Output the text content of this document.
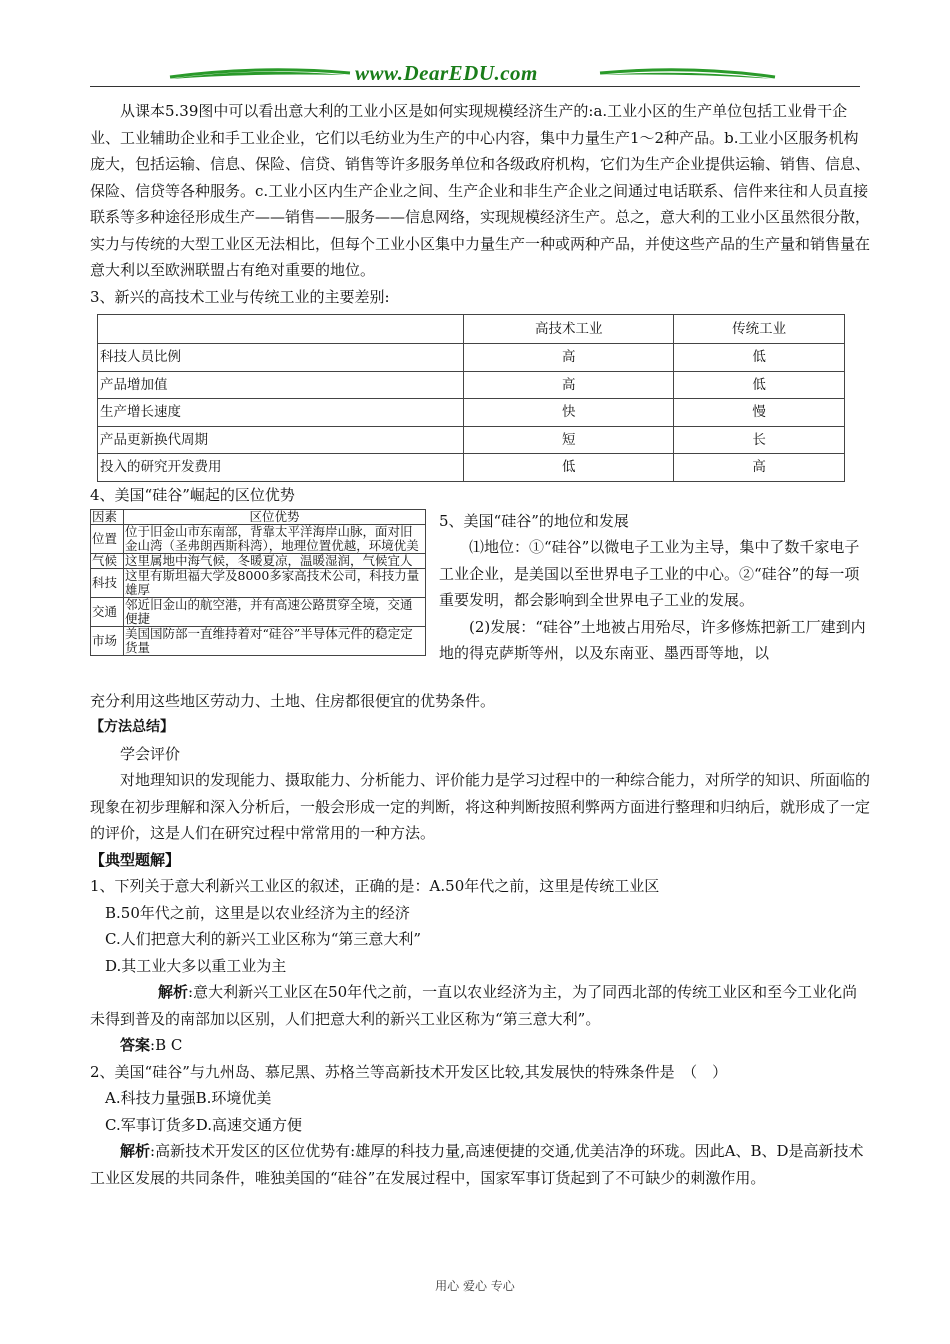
www.DearEDU.com

从课本5.39图中可以看出意大利的工业小区是如何实现规模经济生产的:a.工业小区的生产单位包括工业骨干企业、工业辅助企业和手工业企业，它们以毛纺业为生产的中心内容，集中力量生产1～2种产品。b.工业小区服务机构庞大，包括运输、信息、保险、信贷、销售等许多服务单位和各级政府机构，它们为生产企业提供运输、销售、信息、保险、信贷等各种服务。c.工业小区内生产企业之间、生产企业和非生产企业之间通过电话联系、信件来往和人员直接联系等多种途径形成生产——销售——服务——信息网络，实现规模经济生产。总之，意大利的工业小区虽然很分散，实力与传统的大型工业区无法相比，但每个工业小区集中力量生产一种或两种产品，并使这些产品的生产量和销售量在意大利以至欧洲联盟占有绝对重要的地位。

3、新兴的高技术工业与传统工业的主要差别:

	高技术工业	传统工业
科技人员比例	高	低
产品增加值	高	低
生产增长速度	快	慢
产品更新换代周期	短	长
投入的研究开发费用	低	高

4、美国“硅谷”崛起的区位优势

因素	区位优势
位置	位于旧金山市东南部，背靠太平洋海岸山脉，面对旧金山湾（圣弗朗西斯科湾），地理位置优越，环境优美
气候	这里属地中海气候，冬暖夏凉，温暖湿润，气候宜人
科技	这里有斯坦福大学及8000多家高技术公司，科技力量雄厚
交通	邻近旧金山的航空港，并有高速公路贯穿全境，交通便捷
市场	美国国防部一直维持着对“硅谷”半导体元件的稳定定货量

5、美国“硅谷”的地位和发展

⑴地位：①“硅谷”以微电子工业为主导，集中了数千家电子工业企业，是美国以至世界电子工业的中心。②“硅谷”的每一项重要发明，都会影响到全世界电子工业的发展。

(2)发展：“硅谷”土地被占用殆尽，许多修炼把新工厂建到内地的得克萨斯等州，以及东南亚、墨西哥等地，以

充分利用这些地区劳动力、土地、住房都很便宜的优势条件。

【方法总结】

学会评价

对地理知识的发现能力、摄取能力、分析能力、评价能力是学习过程中的一种综合能力，对所学的知识、所面临的现象在初步理解和深入分析后，一般会形成一定的判断，将这种判断按照利弊两方面进行整理和归纳后，就形成了一定的评价，这是人们在研究过程中常常用的一种方法。

【典型题解】

1、下列关于意大利新兴工业区的叙述，正确的是：A.50年代之前，这里是传统工业区

B.50年代之前，这里是以农业经济为主的经济

C.人们把意大利的新兴工业区称为“第三意大利”

D.其工业大多以重工业为主

解析:意大利新兴工业区在50年代之前，一直以农业经济为主，为了同西北部的传统工业区和至今工业化尚未得到普及的南部加以区别，人们把意大利的新兴工业区称为“第三意大利”。

答案:B C

2、美国“硅谷”与九州岛、慕尼黑、苏格兰等高新技术开发区比较,其发展快的特殊条件是　（　）

A.科技力量强B.环境优美

C.军事订货多D.高速交通方便

解析:高新技术开发区的区位优势有:雄厚的科技力量,高速便捷的交通,优美洁净的环珑。因此A、B、D是高新技术工业区发展的共同条件，唯独美国的“硅谷”在发展过程中，国家军事订货起到了不可缺少的刺激作用。

用心 爱心 专心
